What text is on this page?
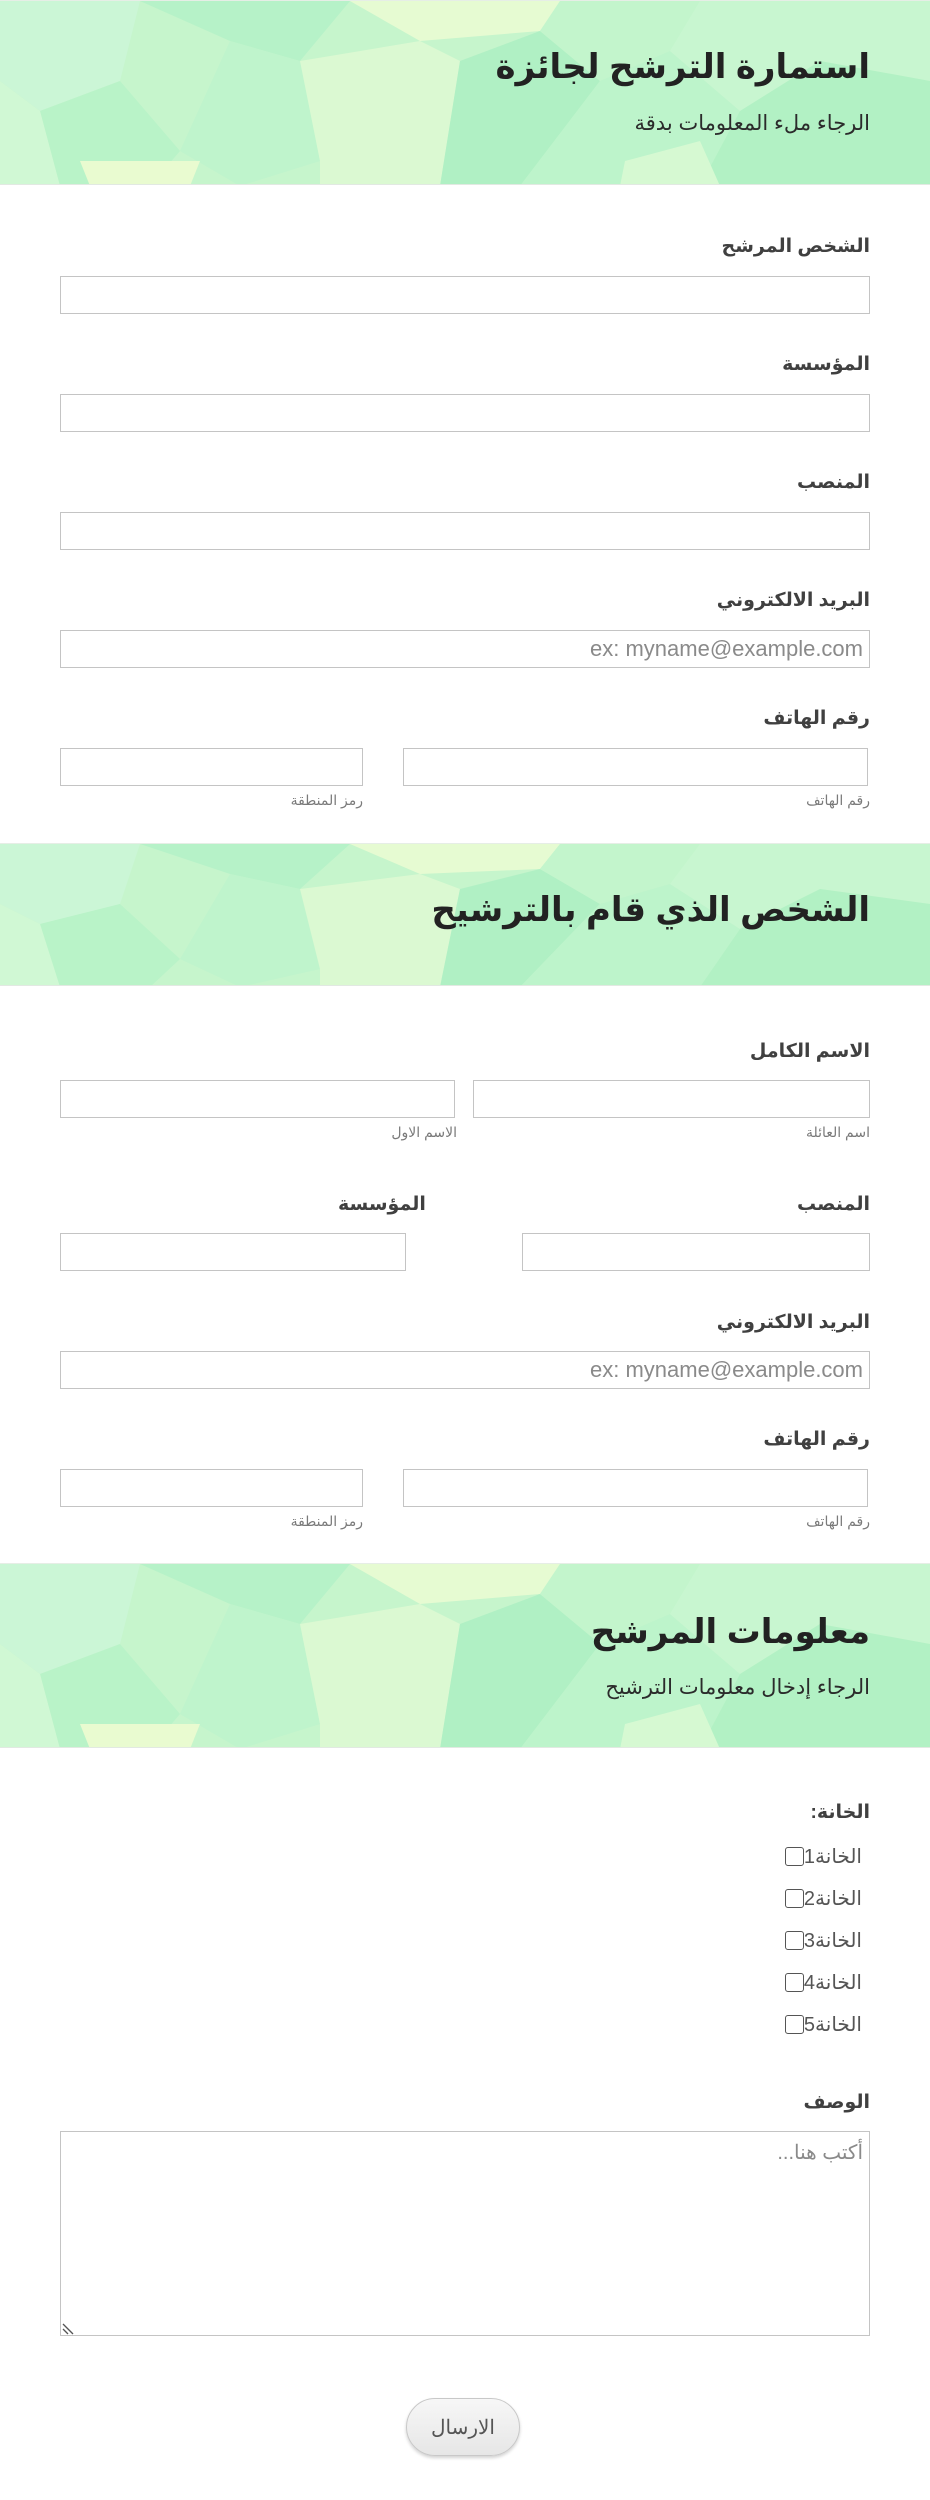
استمارة الترشح لجائزة
الرجاء ملء المعلومات بدقة
الشخص المرشح
المؤسسة
المنصب
البريد الالكتروني
ex: myname@example.com
رقم الهاتف
رقم الهاتف
رمز المنطقة
الشخص الذي قام بالترشيح
الاسم الكامل
اسم العائلة
الاسم الاول
المنصب
المؤسسة
البريد الالكتروني
ex: myname@example.com
رقم الهاتف
رقم الهاتف
رمز المنطقة
معلومات المرشح
الرجاء إدخال معلومات الترشيح
الخانة:
الخانة1
الخانة2
الخانة3
الخانة4
الخانة5
الوصف
أكتب هنا...
الارسال
